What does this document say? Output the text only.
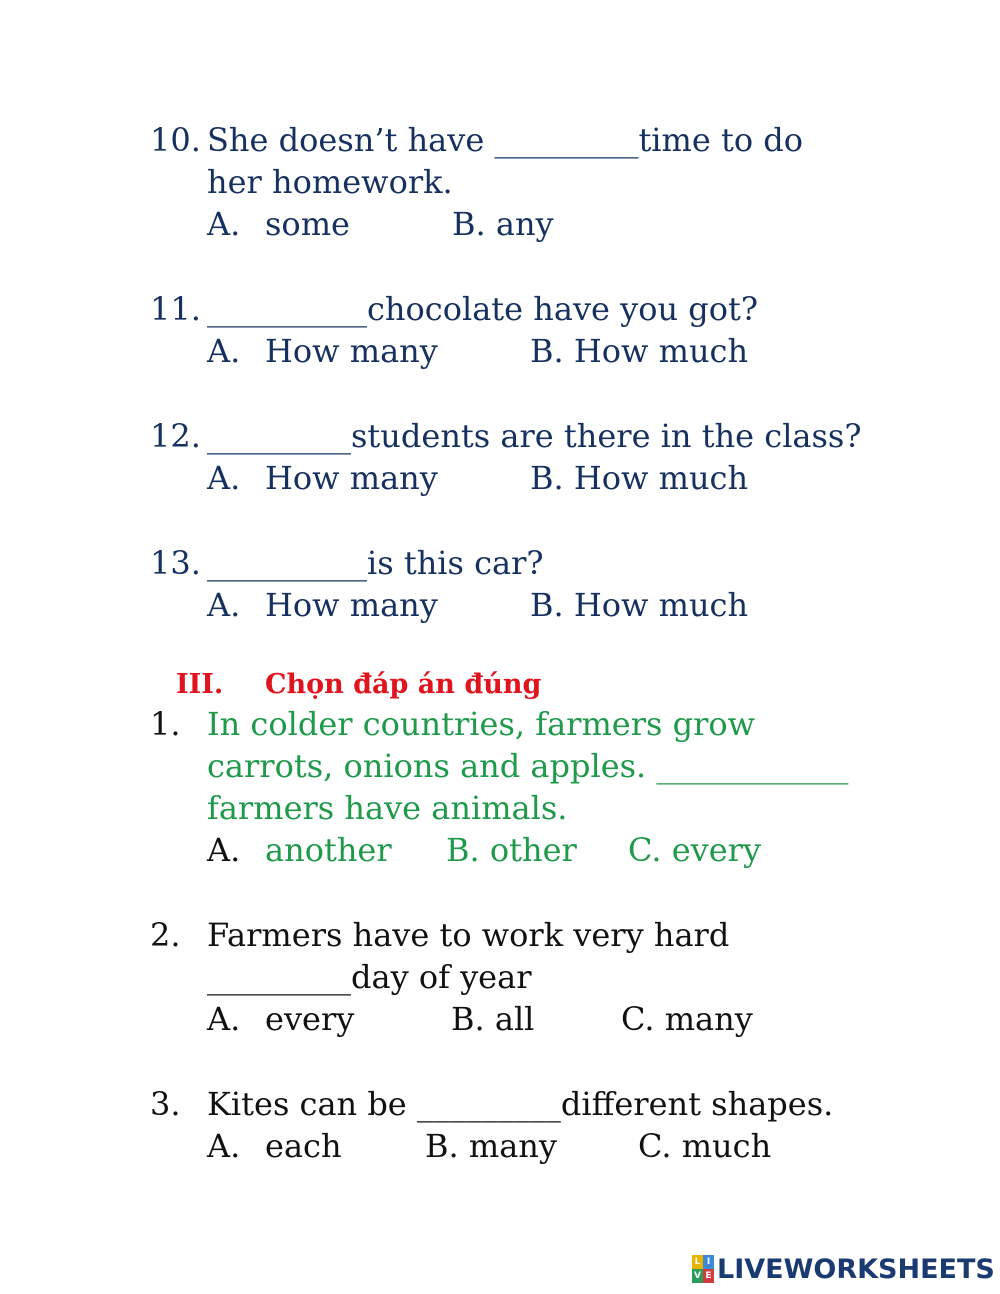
10. She doesn’t have _________time to do
her homework.
A. some	B. any
11. __________chocolate have you got?
A. How many	B. How much
12. _________students are there in the class?
A. How many	B. How much
13. __________is this car?
A. How many	B. How much
III. Chọn đáp án đúng
1. In colder countries, farmers grow
carrots, onions and apples. ____________
farmers have animals.
A. another B. other C. every
2. Farmers have to work very hard
_________day of year
A. every	B. all	C. many
3. Kites can be _________different shapes.
A. each	B. many	C. much
L I
V E LIVEWORKSHEETS
